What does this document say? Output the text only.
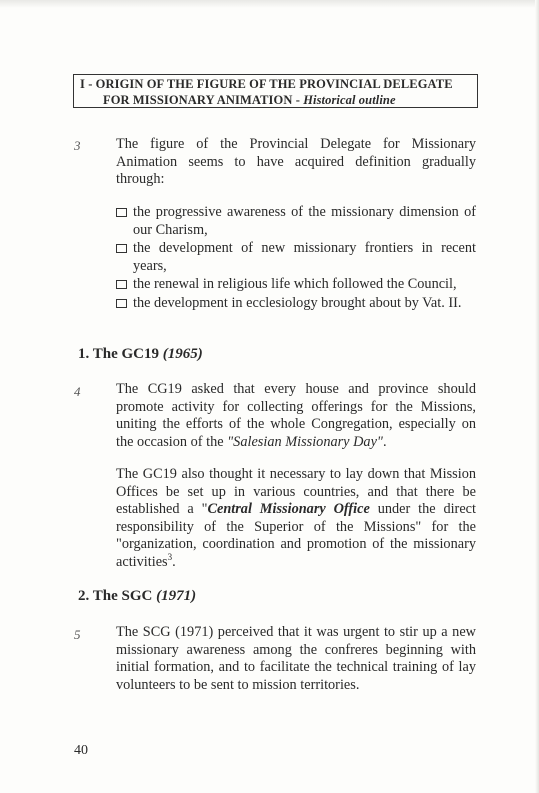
I - ORIGIN OF THE FIGURE OF THE PROVINCIAL DELEGATE
FOR MISSIONARY ANIMATION - Historical outline
3 The figure of the Provincial Delegate for Missionary Animation seems to have acquired definition gradually through:
the progressive awareness of the missionary dimension of our Charism,
the development of new missionary frontiers in recent years,
the renewal in religious life which followed the Council,
the development in ecclesiology brought about by Vat. II.
1. The GC19 (1965)
4 The CG19 asked that every house and province should promote activity for collecting offerings for the Missions, uniting the efforts of the whole Congregation, especially on the occasion of the "Salesian Missionary Day".
The GC19 also thought it necessary to lay down that Mission Offices be set up in various countries, and that there be established a "Central Missionary Office under the direct responsibility of the Superior of the Missions" for the "organization, coordination and promotion of the missionary activities$^3$.
2. The SGC (1971)
5 The SCG (1971) perceived that it was urgent to stir up a new missionary awareness among the confreres beginning with initial formation, and to facilitate the technical training of lay volunteers to be sent to mission territories.
40
